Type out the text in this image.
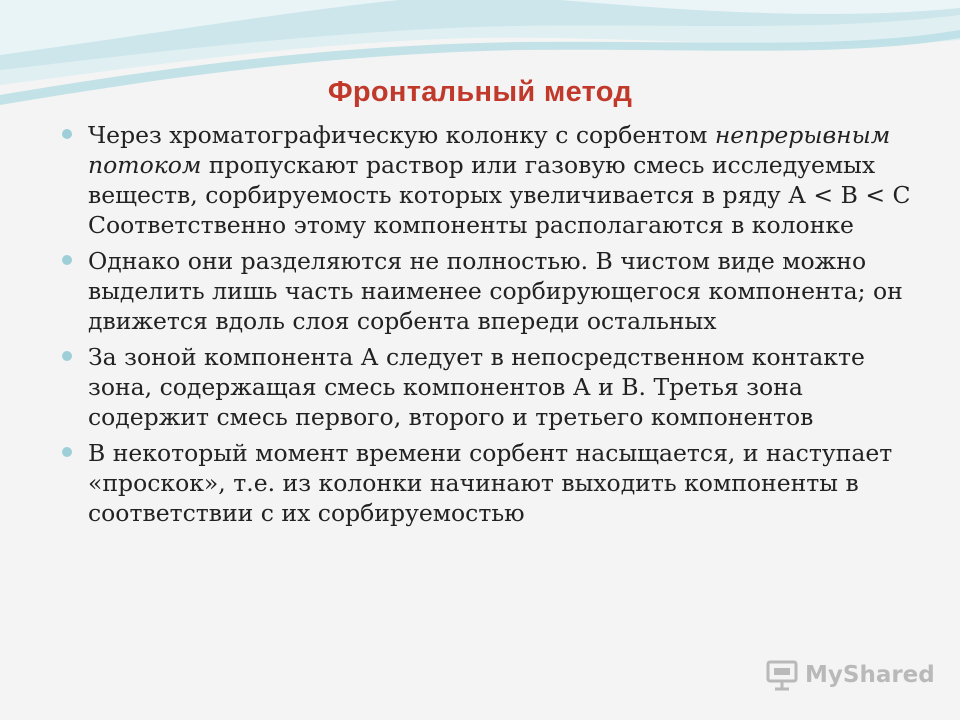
Фронтальный метод
Через хроматографическую колонку с сорбентом непрерывным потоком пропускают раствор или газовую смесь исследуемых веществ, сорбируемость которых увеличивается в ряду А < В < С Соответственно этому компоненты располагаются в колонке
Однако они разделяются не полностью. В чистом виде можно выделить лишь часть наименее сорбирующегося компонента; он движется вдоль слоя сорбента впереди остальных
За зоной компонента А следует в непосредственном контакте зона, содержащая смесь компонентов А и В. Третья зона содержит смесь первого, второго и третьего компонентов
В некоторый момент времени сорбент насыщается, и наступает «проскок», т.е. из колонки начинают выходить компоненты в соответствии с их сорбируемостью
MyShared
